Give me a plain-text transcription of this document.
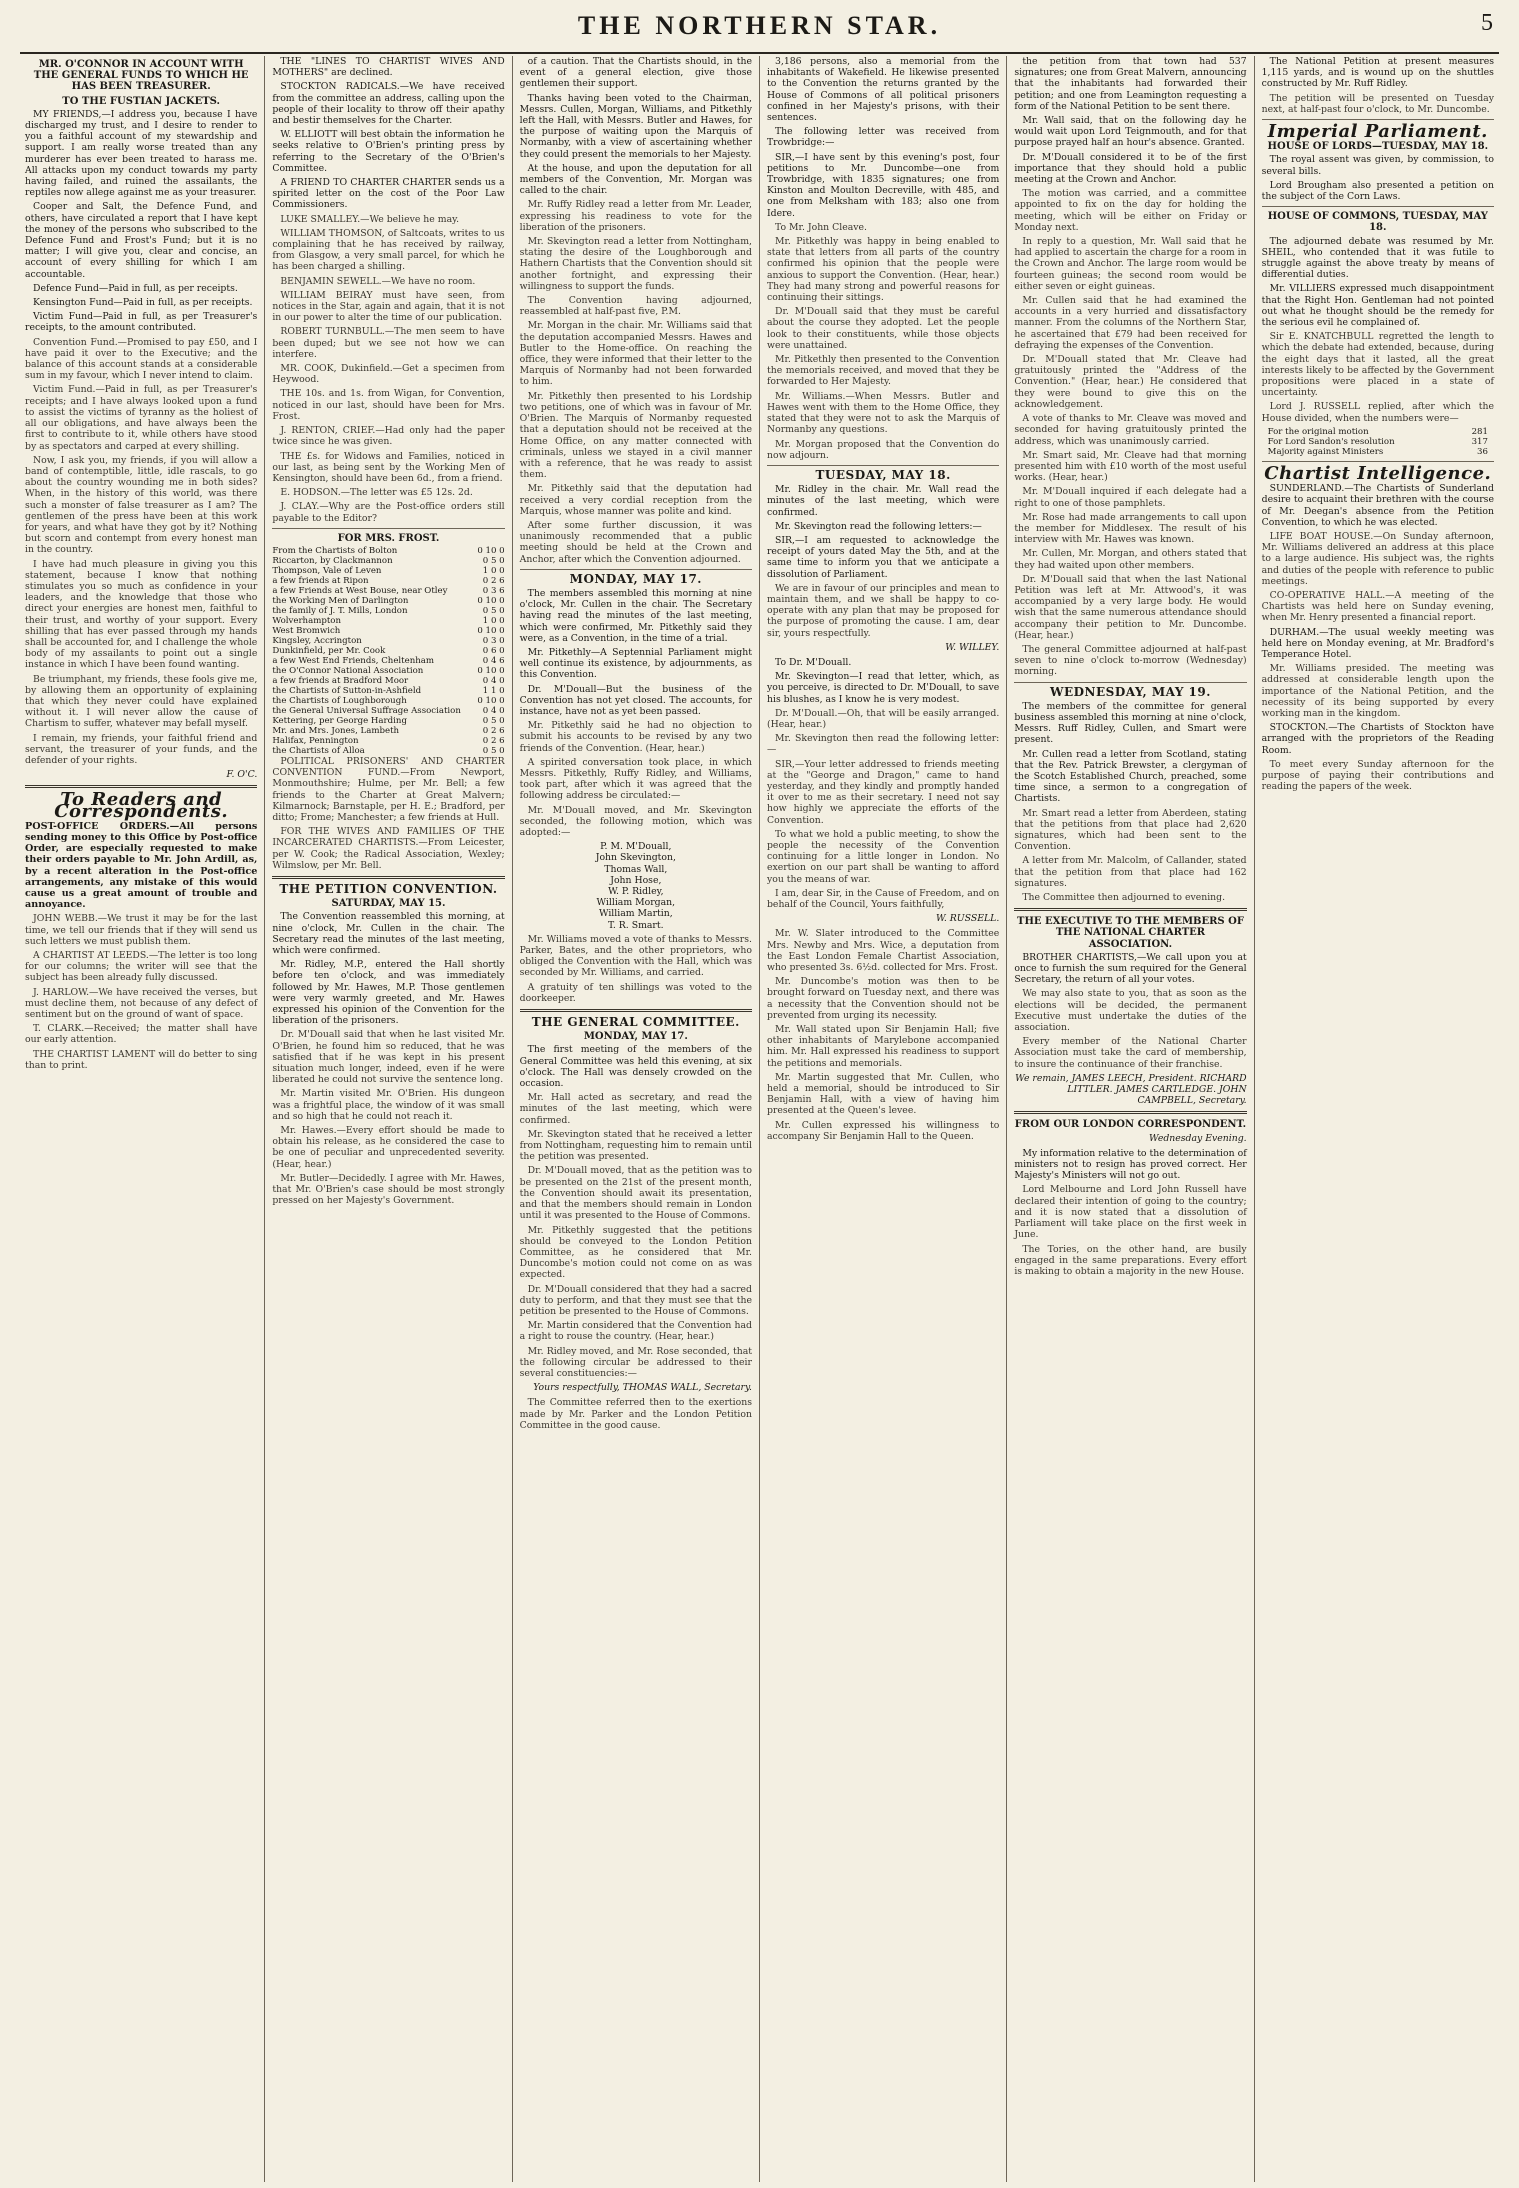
THE NORTHERN STAR.	5
MR. O'CONNOR IN ACCOUNT WITH THE GENERAL FUNDS TO WHICH HE HAS BEEN TREASURER.
TO THE FUSTIAN JACKETS.

MY FRIENDS,—I address you, because I have discharged my trust, and I desire to render to you a faithful account of my stewardship and support. I am really worse treated than any murderer has ever been treated to harass me. All attacks upon my conduct towards my party having failed, and ruined the assailants, the reptiles now allege against me as your treasurer.

Cooper and Salt, the Defence Fund, and others, have circulated a report that I have kept the money of the persons who subscribed to the Defence Fund and Frost's Fund; but it is no matter; I will give you, clear and concise, an account of every shilling for which I am accountable.

Defence Fund—Paid in full, as per receipts.

Kensington Fund—Paid in full, as per receipts.

Victim Fund—Paid in full, as per Treasurer's receipts, to the amount contributed.

Convention Fund.—Promised to pay £50, and I have paid it over to the Executive; and the balance of this account stands at a considerable sum in my favour, which I never intend to claim.

Victim Fund.—Paid in full, as per Treasurer's receipts; and I have always looked upon a fund to assist the victims of tyranny as the holiest of all our obligations, and have always been the first to contribute to it, while others have stood by as spectators and carped at every shilling.

Now, I ask you, my friends, if you will allow a band of contemptible, little, idle rascals, to go about the country wounding me in both sides? When, in the history of this world, was there such a monster of false treasurer as I am? The gentlemen of the press have been at this work for years, and what have they got by it? Nothing but scorn and contempt from every honest man in the country.

I have had much pleasure in giving you this statement, because I know that nothing stimulates you so much as confidence in your leaders, and the knowledge that those who direct your energies are honest men, faithful to their trust, and worthy of your support. Every shilling that has ever passed through my hands shall be accounted for, and I challenge the whole body of my assailants to point out a single instance in which I have been found wanting.

Be triumphant, my friends, these fools give me, by allowing them an opportunity of explaining that which they never could have explained without it. I will never allow the cause of Chartism to suffer, whatever may befall myself.

I remain, my friends, your faithful friend and servant, the treasurer of your funds, and the defender of your rights.

F. O'C.
To Readers and Correspondents.
POST-OFFICE ORDERS.—All persons sending money to this Office by Post-office Order, are especially requested to make their orders payable to Mr. John Ardill, as, by a recent alteration in the Post-office arrangements, any mistake of this would cause us a great amount of trouble and annoyance.

JOHN WEBB.—We trust it may be for the last time, we tell our friends that if they will send us such letters we must publish them.

A CHARTIST AT LEEDS.—The letter is too long for our columns; the writer will see that the subject has been already fully discussed.

J. HARLOW.—We have received the verses, but must decline them, not because of any defect of sentiment but on the ground of want of space.

T. CLARK.—Received; the matter shall have our early attention.

THE CHARTIST LAMENT will do better to sing than to print.

THE "LINES TO CHARTIST WIVES AND MOTHERS" are declined.

STOCKTON RADICALS.—We have received from the committee an address, calling upon the people of their locality to throw off their apathy and bestir themselves for the Charter.

W. ELLIOTT will best obtain the information he seeks relative to O'Brien's printing press by referring to the Secretary of the O'Brien's Committee.

A FRIEND TO CHARTER CHARTER sends us a spirited letter on the cost of the Poor Law Commissioners.

LUKE SMALLEY.—We believe he may.

WILLIAM THOMSON, of Saltcoats, writes to us complaining that he has received by railway, from Glasgow, a very small parcel, for which he has been charged a shilling.

BENJAMIN SEWELL.—We have no room.

WILLIAM BEIRAY must have seen, from notices in the Star, again and again, that it is not in our power to alter the time of our publication.

ROBERT TURNBULL.—The men seem to have been duped; but we see not how we can interfere.

MR. COOK, Dukinfield.—Get a specimen from Heywood.

THE 10s. and 1s. from Wigan, for Convention, noticed in our last, should have been for Mrs. Frost.

J. RENTON, CRIEF.—Had only had the paper twice since he was given.

THE £s. for Widows and Families, noticed in our last, as being sent by the Working Men of Kensington, should have been 6d., from a friend.

E. HODSON.—The letter was £5 12s. 2d.

J. CLAY.—Why are the Post-office orders still payable to the Editor?

FOR MRS. FROST.
From the Chartists of Bolton	0 10 0
Riccarton, by Clackmannon	0 5 0
Thompson, Vale of Leven	1 0 0
a few friends at Ripon	0 2 6
a few Friends at West Bouse, near Otley	0 3 6
the Working Men of Darlington	0 10 0
the family of J. T. Mills, London	0 5 0
Wolverhampton	1 0 0
West Bromwich	0 10 0
Kingsley, Accrington	0 3 0
Dunkinfield, per Mr. Cook	0 6 0
a few West End Friends, Cheltenham	0 4 6
the O'Connor National Association	0 10 0
a few friends at Bradford Moor	0 4 0
the Chartists of Sutton-in-Ashfield	1 1 0
the Chartists of Loughborough	0 10 0
the General Universal Suffrage Association	0 4 0
Kettering, per George Harding	0 5 0
Mr. and Mrs. Jones, Lambeth	0 2 6
Halifax, Pennington	0 2 6
the Chartists of Alloa	0 5 0

POLITICAL PRISONERS' AND CHARTER CONVENTION FUND.—From Newport, Monmouthshire; Hulme, per Mr. Bell; a few friends to the Charter at Great Malvern; Kilmarnock; Barnstaple, per H. E.; Bradford, per ditto; Frome; Manchester; a few friends at Hull.

FOR THE WIVES AND FAMILIES OF THE INCARCERATED CHARTISTS.—From Leicester, per W. Cook; the Radical Association, Wexley; Wilmslow, per Mr. Bell.

THE PETITION CONVENTION.
SATURDAY, MAY 15.

The Convention reassembled this morning, at nine o'clock, Mr. Cullen in the chair. The Secretary read the minutes of the last meeting, which were confirmed.

Mr. Ridley, M.P., entered the Hall shortly before ten o'clock, and was immediately followed by Mr. Hawes, M.P. Those gentlemen were very warmly greeted, and Mr. Hawes expressed his opinion of the Convention for the liberation of the prisoners.

Dr. M'Douall said that when he last visited Mr. O'Brien, he found him so reduced, that he was satisfied that if he was kept in his present situation much longer, indeed, even if he were liberated he could not survive the sentence long.

Mr. Martin visited Mr. O'Brien. His dungeon was a frightful place, the window of it was small and so high that he could not reach it.

Mr. Hawes.—Every effort should be made to obtain his release, as he considered the case to be one of peculiar and unprecedented severity. (Hear, hear.)

Mr. Butler—Decidedly. I agree with Mr. Hawes, that Mr. O'Brien's case should be most strongly pressed on her Majesty's Government.

of a caution. That the Chartists should, in the event of a general election, give those gentlemen their support.

Thanks having been voted to the Chairman, Messrs. Cullen, Morgan, Williams, and Pitkethly left the Hall, with Messrs. Butler and Hawes, for the purpose of waiting upon the Marquis of Normanby, with a view of ascertaining whether they could present the memorials to her Majesty.

At the house, and upon the deputation for all members of the Convention, Mr. Morgan was called to the chair.

Mr. Ruffy Ridley read a letter from Mr. Leader, expressing his readiness to vote for the liberation of the prisoners.

Mr. Skevington read a letter from Nottingham, stating the desire of the Loughborough and Hathern Chartists that the Convention should sit another fortnight, and expressing their willingness to support the funds.

The Convention having adjourned, reassembled at half-past five, P.M.

Mr. Morgan in the chair. Mr. Williams said that the deputation accompanied Messrs. Hawes and Butler to the Home-office. On reaching the office, they were informed that their letter to the Marquis of Normanby had not been forwarded to him.

Mr. Pitkethly then presented to his Lordship two petitions, one of which was in favour of Mr. O'Brien. The Marquis of Normanby requested that a deputation should not be received at the Home Office, on any matter connected with criminals, unless we stayed in a civil manner with a reference, that he was ready to assist them.

Mr. Pitkethly said that the deputation had received a very cordial reception from the Marquis, whose manner was polite and kind.

After some further discussion, it was unanimously recommended that a public meeting should be held at the Crown and Anchor, after which the Convention adjourned.

MONDAY, MAY 17.

The members assembled this morning at nine o'clock, Mr. Cullen in the chair. The Secretary having read the minutes of the last meeting, which were confirmed, Mr. Pitkethly said they were, as a Convention, in the time of a trial.

Mr. Pitkethly—A Septennial Parliament might well continue its existence, by adjournments, as this Convention.

Dr. M'Douall—But the business of the Convention has not yet closed. The accounts, for instance, have not as yet been passed.

Mr. Pitkethly said he had no objection to submit his accounts to be revised by any two friends of the Convention. (Hear, hear.)

A spirited conversation took place, in which Messrs. Pitkethly, Ruffy Ridley, and Williams, took part, after which it was agreed that the following address be circulated:—

Mr. M'Douall moved, and Mr. Skevington seconded, the following motion, which was adopted:—

P. M. M'Douall,
John Skevington,
Thomas Wall,
John Hose,
W. P. Ridley,
William Morgan,
William Martin,
T. R. Smart.

Mr. Williams moved a vote of thanks to Messrs. Parker, Bates, and the other proprietors, who obliged the Convention with the Hall, which was seconded by Mr. Williams, and carried.

A gratuity of ten shillings was voted to the doorkeeper.

THE GENERAL COMMITTEE.
MONDAY, MAY 17.

The first meeting of the members of the General Committee was held this evening, at six o'clock. The Hall was densely crowded on the occasion.

Mr. Hall acted as secretary, and read the minutes of the last meeting, which were confirmed.

Mr. Skevington stated that he received a letter from Nottingham, requesting him to remain until the petition was presented.

Dr. M'Douall moved, that as the petition was to be presented on the 21st of the present month, the Convention should await its presentation, and that the members should remain in London until it was presented to the House of Commons.

Mr. Pitkethly suggested that the petitions should be conveyed to the London Petition Committee, as he considered that Mr. Duncombe's motion could not come on as was expected.

Dr. M'Douall considered that they had a sacred duty to perform, and that they must see that the petition be presented to the House of Commons.

Mr. Martin considered that the Convention had a right to rouse the country. (Hear, hear.)

Mr. Ridley moved, and Mr. Rose seconded, that the following circular be addressed to their several constituencies:—

Yours respectfully, THOMAS WALL, Secretary.

The Committee referred then to the exertions made by Mr. Parker and the London Petition Committee in the good cause.

3,186 persons, also a memorial from the inhabitants of Wakefield. He likewise presented to the Convention the returns granted by the House of Commons of all political prisoners confined in her Majesty's prisons, with their sentences.

The following letter was received from Trowbridge:—

SIR,—I have sent by this evening's post, four petitions to Mr. Duncombe—one from Trowbridge, with 1835 signatures; one from Kinston and Moulton Decreville, with 485, and one from Melksham with 183; also one from Idere.

To Mr. John Cleave.

Mr. Pitkethly was happy in being enabled to state that letters from all parts of the country confirmed his opinion that the people were anxious to support the Convention. (Hear, hear.) They had many strong and powerful reasons for continuing their sittings.

Dr. M'Douall said that they must be careful about the course they adopted. Let the people look to their constituents, while those objects were unattained.

Mr. Pitkethly then presented to the Convention the memorials received, and moved that they be forwarded to Her Majesty.

Mr. Williams.—When Messrs. Butler and Hawes went with them to the Home Office, they stated that they were not to ask the Marquis of Normanby any questions.

Mr. Morgan proposed that the Convention do now adjourn.

TUESDAY, MAY 18.

Mr. Ridley in the chair. Mr. Wall read the minutes of the last meeting, which were confirmed.

Mr. Skevington read the following letters:—

SIR,—I am requested to acknowledge the receipt of yours dated May the 5th, and at the same time to inform you that we anticipate a dissolution of Parliament.

We are in favour of our principles and mean to maintain them, and we shall be happy to co-operate with any plan that may be proposed for the purpose of promoting the cause. I am, dear sir, yours respectfully.

W. WILLEY.

To Dr. M'Douall.

Mr. Skevington—I read that letter, which, as you perceive, is directed to Dr. M'Douall, to save his blushes, as I know he is very modest.

Dr. M'Douall.—Oh, that will be easily arranged. (Hear, hear.)

Mr. Skevington then read the following letter:—

SIR,—Your letter addressed to friends meeting at the "George and Dragon," came to hand yesterday, and they kindly and promptly handed it over to me as their secretary. I need not say how highly we appreciate the efforts of the Convention.

To what we hold a public meeting, to show the people the necessity of the Convention continuing for a little longer in London. No exertion on our part shall be wanting to afford you the means of war.

I am, dear Sir, in the Cause of Freedom, and on behalf of the Council, Yours faithfully,

W. RUSSELL.

Mr. W. Slater introduced to the Committee Mrs. Newby and Mrs. Wice, a deputation from the East London Female Chartist Association, who presented 3s. 6½d. collected for Mrs. Frost.

Mr. Duncombe's motion was then to be brought forward on Tuesday next, and there was a necessity that the Convention should not be prevented from urging its necessity.

Mr. Wall stated upon Sir Benjamin Hall; five other inhabitants of Marylebone accompanied him. Mr. Hall expressed his readiness to support the petitions and memorials.

Mr. Martin suggested that Mr. Cullen, who held a memorial, should be introduced to Sir Benjamin Hall, with a view of having him presented at the Queen's levee.

Mr. Cullen expressed his willingness to accompany Sir Benjamin Hall to the Queen.

the petition from that town had 537 signatures; one from Great Malvern, announcing that the inhabitants had forwarded their petition; and one from Leamington requesting a form of the National Petition to be sent there.

Mr. Wall said, that on the following day he would wait upon Lord Teignmouth, and for that purpose prayed half an hour's absence. Granted.

Dr. M'Douall considered it to be of the first importance that they should hold a public meeting at the Crown and Anchor.

The motion was carried, and a committee appointed to fix on the day for holding the meeting, which will be either on Friday or Monday next.

In reply to a question, Mr. Wall said that he had applied to ascertain the charge for a room in the Crown and Anchor. The large room would be fourteen guineas; the second room would be either seven or eight guineas.

Mr. Cullen said that he had examined the accounts in a very hurried and dissatisfactory manner. From the columns of the Northern Star, he ascertained that £79 had been received for defraying the expenses of the Convention.

Dr. M'Douall stated that Mr. Cleave had gratuitously printed the "Address of the Convention." (Hear, hear.) He considered that they were bound to give this on the acknowledgement.

A vote of thanks to Mr. Cleave was moved and seconded for having gratuitously printed the address, which was unanimously carried.

Mr. Smart said, Mr. Cleave had that morning presented him with £10 worth of the most useful works. (Hear, hear.)

Mr. M'Douall inquired if each delegate had a right to one of those pamphlets.

Mr. Rose had made arrangements to call upon the member for Middlesex. The result of his interview with Mr. Hawes was known.

Mr. Cullen, Mr. Morgan, and others stated that they had waited upon other members.

Dr. M'Douall said that when the last National Petition was left at Mr. Attwood's, it was accompanied by a very large body. He would wish that the same numerous attendance should accompany their petition to Mr. Duncombe. (Hear, hear.)

The general Committee adjourned at half-past seven to nine o'clock to-morrow (Wednesday) morning.

WEDNESDAY, MAY 19.

The members of the committee for general business assembled this morning at nine o'clock, Messrs. Ruff Ridley, Cullen, and Smart were present.

Mr. Cullen read a letter from Scotland, stating that the Rev. Patrick Brewster, a clergyman of the Scotch Established Church, preached, some time since, a sermon to a congregation of Chartists.

Mr. Smart read a letter from Aberdeen, stating that the petitions from that place had 2,620 signatures, which had been sent to the Convention.

A letter from Mr. Malcolm, of Callander, stated that the petition from that place had 162 signatures.

The Committee then adjourned to evening.

THE EXECUTIVE TO THE MEMBERS OF THE NATIONAL CHARTER ASSOCIATION.

BROTHER CHARTISTS,—We call upon you at once to furnish the sum required for the General Secretary, the return of all your votes.

We may also state to you, that as soon as the elections will be decided, the permanent Executive must undertake the duties of the association.

Every member of the National Charter Association must take the card of membership, to insure the continuance of their franchise.

We remain, JAMES LEECH, President. RICHARD LITTLER. JAMES CARTLEDGE. JOHN CAMPBELL, Secretary.
FROM OUR LONDON CORRESPONDENT.
Wednesday Evening.

My information relative to the determination of ministers not to resign has proved correct. Her Majesty's Ministers will not go out.

Lord Melbourne and Lord John Russell have declared their intention of going to the country; and it is now stated that a dissolution of Parliament will take place on the first week in June.

The Tories, on the other hand, are busily engaged in the same preparations. Every effort is making to obtain a majority in the new House.

The National Petition at present measures 1,115 yards, and is wound up on the shuttles constructed by Mr. Ruff Ridley.

The petition will be presented on Tuesday next, at half-past four o'clock, to Mr. Duncombe.

Imperial Parliament.
HOUSE OF LORDS—TUESDAY, MAY 18.

The royal assent was given, by commission, to several bills.

Lord Brougham also presented a petition on the subject of the Corn Laws.

HOUSE OF COMMONS, TUESDAY, MAY 18.

The adjourned debate was resumed by Mr. SHEIL, who contended that it was futile to struggle against the above treaty by means of differential duties.

Mr. VILLIERS expressed much disappointment that the Right Hon. Gentleman had not pointed out what he thought should be the remedy for the serious evil he complained of.

Sir E. KNATCHBULL regretted the length to which the debate had extended, because, during the eight days that it lasted, all the great interests likely to be affected by the Government propositions were placed in a state of uncertainty.

Lord J. RUSSELL replied, after which the House divided, when the numbers were—

For the original motion	281
For Lord Sandon's resolution	317
Majority against Ministers	36
Chartist Intelligence.

SUNDERLAND.—The Chartists of Sunderland desire to acquaint their brethren with the course of Mr. Deegan's absence from the Petition Convention, to which he was elected.

LIFE BOAT HOUSE.—On Sunday afternoon, Mr. Williams delivered an address at this place to a large audience. His subject was, the rights and duties of the people with reference to public meetings.

CO-OPERATIVE HALL.—A meeting of the Chartists was held here on Sunday evening, when Mr. Henry presented a financial report.

DURHAM.—The usual weekly meeting was held here on Monday evening, at Mr. Bradford's Temperance Hotel.

Mr. Williams presided. The meeting was addressed at considerable length upon the importance of the National Petition, and the necessity of its being supported by every working man in the kingdom.

STOCKTON.—The Chartists of Stockton have arranged with the proprietors of the Reading Room.

To meet every Sunday afternoon for the purpose of paying their contributions and reading the papers of the week.
